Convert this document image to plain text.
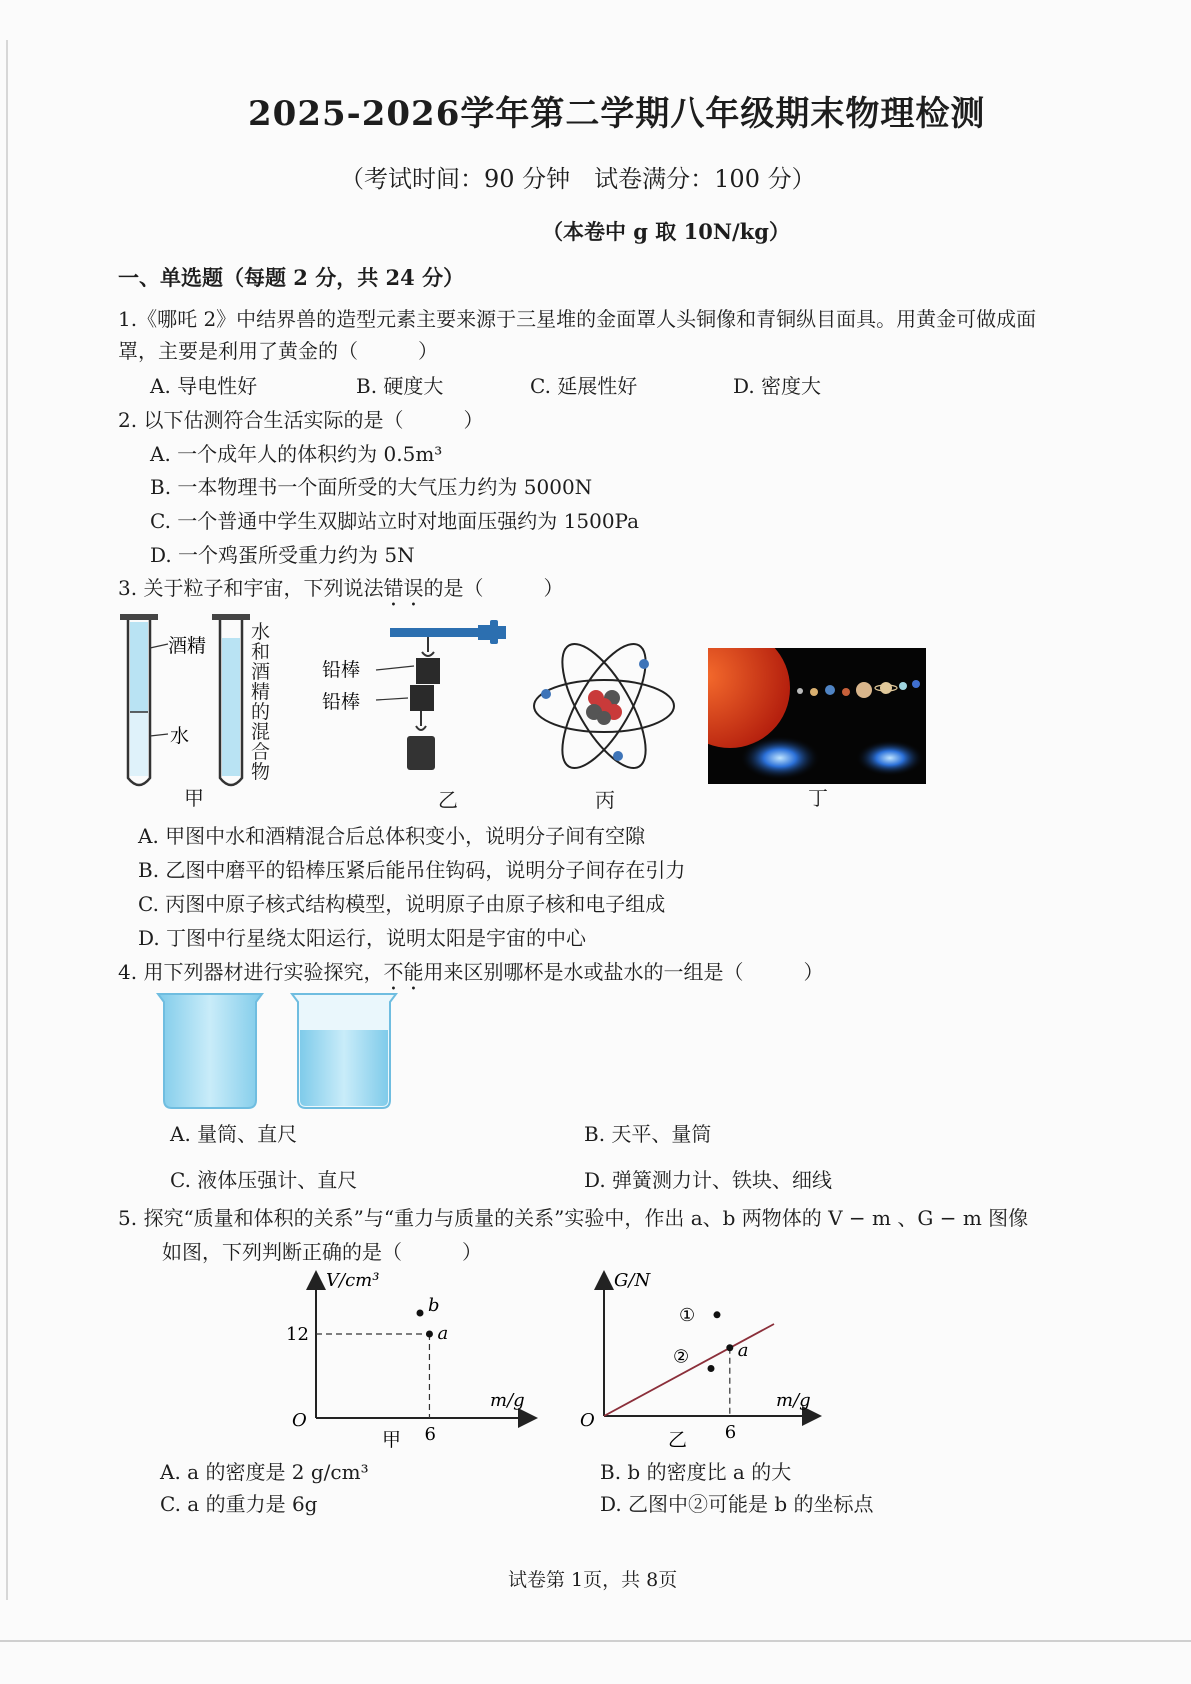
2025-2026学年第二学期八年级期末物理检测
（考试时间：90 分钟　试卷满分：100 分）
（本卷中 g 取 10N/kg）
一、单选题（每题 2 分，共 24 分）
1.《哪吒 2》中结界兽的造型元素主要来源于三星堆的金面罩人头铜像和青铜纵目面具。用黄金可做成面
罩，主要是利用了黄金的（　　　）
A. 导电性好	B. 硬度大	C. 延展性好	D. 密度大
2. 以下估测符合生活实际的是（　　　）
A. 一个成年人的体积约为 0.5m³
B. 一本物理书一个面所受的大气压力约为 5000N
C. 一个普通中学生双脚站立时对地面压强约为 1500Pa
D. 一个鸡蛋所受重力约为 5N
3. 关于粒子和宇宙，下列说法错误的是（　　　）
酒精
水
铅棒
铅棒
水和酒精的混合物
甲	乙	丙	丁
A. 甲图中水和酒精混合后总体积变小，说明分子间有空隙
B. 乙图中磨平的铅棒压紧后能吊住钩码，说明分子间存在引力
C. 丙图中原子核式结构模型，说明原子由原子核和电子组成
D. 丁图中行星绕太阳运行，说明太阳是宇宙的中心
4. 用下列器材进行实验探究，不能用来区别哪杯是水或盐水的一组是（　　　）
A. 量筒、直尺	B. 天平、量筒
C. 液体压强计、直尺	D. 弹簧测力计、铁块、细线
5. 探究“质量和体积的关系”与“重力与质量的关系”实验中，作出 a、b 两物体的 V − m 、G − m 图像
如图，下列判断正确的是（　　　）
a
b
V/cm³
m/g
O
12
6
甲
①
②	a
G/N
m/g
O
6
乙
A. a 的密度是 2 g/cm³	B. b 的密度比 a 的大
C. a 的重力是 6g	D. 乙图中②可能是 b 的坐标点
试卷第 1页，共 8页
